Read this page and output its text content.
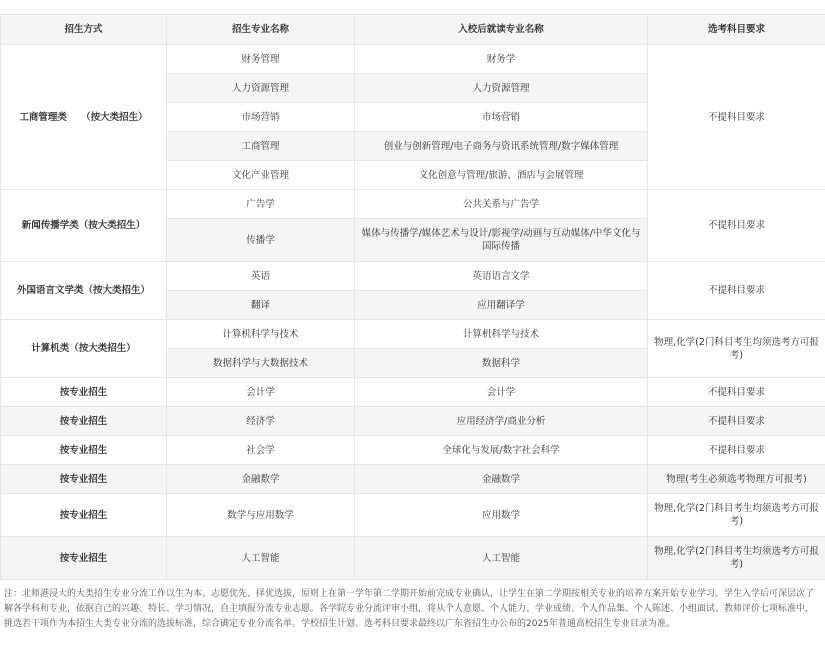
招生方式	招生专业名称	入校后就读专业名称	选考科目要求
工商管理类　　（按大类招生）	财务管理	财务学	不提科目要求
	人力资源管理	人力资源管理	
	市场营销	市场营销	
	工商管理	创业与创新管理/电子商务与资讯系统管理/数字媒体管理	
	文化产业管理	文化创意与管理/旅游、酒店与会展管理	
新闻传播学类（按大类招生）	广告学	公共关系与广告学	不提科目要求
	传播学	媒体与传播学/媒体艺术与设计/影视学/动画与互动媒体/中华文化与国际传播	
外国语言文学类（按大类招生）	英语	英语语言文学	不提科目要求
	翻译	应用翻译学	
计算机类（按大类招生）	计算机科学与技术	计算机科学与技术	物理,化学(2门科目考生均须选考方可报考)
	数据科学与大数据技术	数据科学	
按专业招生	会计学	会计学	不提科目要求
按专业招生	经济学	应用经济学/商业分析	不提科目要求
按专业招生	社会学	全球化与发展/数字社会科学	不提科目要求
按专业招生	金融数学	金融数学	物理(考生必须选考物理方可报考)
按专业招生	数学与应用数学	应用数学	物理,化学(2门科目考生均须选考方可报考)
按专业招生	人工智能	人工智能	物理,化学(2门科目考生均须选考方可报考)
注：北师港浸大的大类招生专业分流工作以生为本、志愿优先、择优选拔，原则上在第一学年第二学期开始前完成专业确认，让学生在第二学期按相关专业的培养方案开始专业学习。学生入学后可深层次了解各学科和专业，依据自己的兴趣、特长、学习情况，自主填报分流专业志愿。各学院专业分流评审小组，将从个人意愿、个人能力、学业成绩、个人作品集、个人陈述、小组面试、教师评价七项标准中，挑选若干项作为本招生大类专业分流的选拔标准，综合确定专业分流名单。学校招生计划、选考科目要求最终以广东省招生办公布的2025年普通高校招生专业目录为准。
